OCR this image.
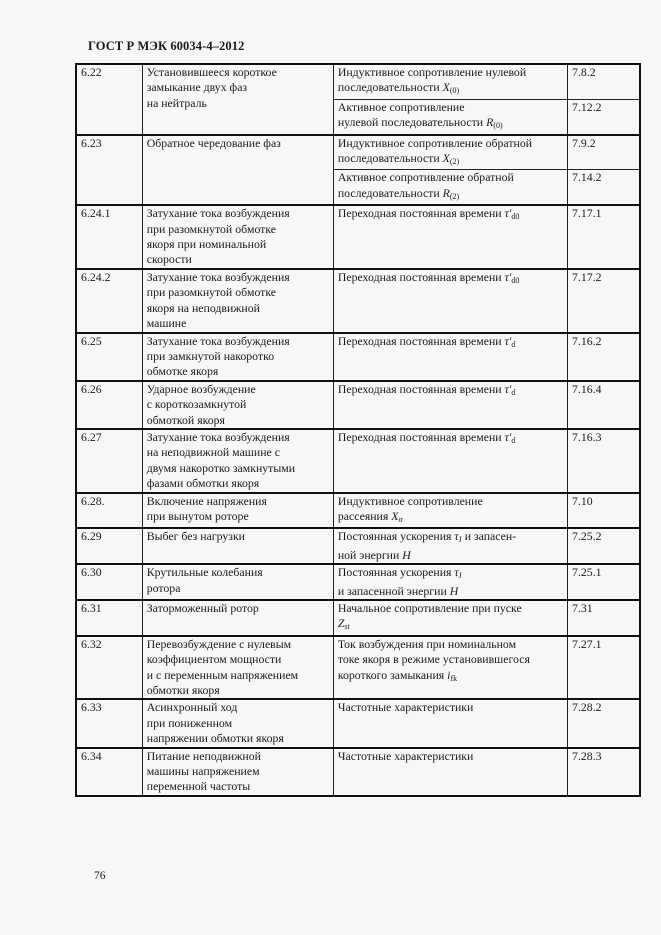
ГОСТ Р МЭК 60034-4–2012
6.22	Установившееся короткое
замыкание двух фаз
на нейтраль	Индуктивное сопротивление нулевой
последовательности $X_{(0)}$	7.8.2

		Активное сопротивление
нулевой последовательности $R_{(0)}$	7.12.2
6.23	Обратное чередование фаз	Индуктивное сопротивление обратной
последовательности $X_{(2)}$	7.9.2

		Активное сопротивление обратной
последовательности $R_{(2)}$	7.14.2
6.24.1	Затухание тока возбуждения
при разомкнутой обмотке
якоря при номинальной
скорости	Переходная постоянная времени $\tau'_{d0}$	7.17.1
6.24.2	Затухание тока возбуждения
при разомкнутой обмотке
якоря на неподвижной
машине	Переходная постоянная времени $\tau'_{d0}$	7.17.2
6.25	Затухание тока возбуждения
при замкнутой накоротко
обмотке якоря	Переходная постоянная времени $\tau'_d$	7.16.2
6.26	Ударное возбуждение
с короткозамкнутой
обмоткой якоря	Переходная постоянная времени $\tau'_d$	7.16.4
6.27	Затухание тока возбуждения
на неподвижной машине с
двумя накоротко замкнутыми
фазами обмотки якоря	Переходная постоянная времени $\tau'_d$	7.16.3
6.28.	Включение напряжения
при вынутом роторе	Индуктивное сопротивление
рассеяния $X_\sigma$	7.10
6.29	Выбег без нагрузки	Постоянная ускорения $\tau_J$ и запасен-
ной энергии H	7.25.2
6.30	Крутильные колебания
ротора	Постоянная ускорения $\tau_J$
и запасенной энергии H	7.25.1
6.31	Заторможенный ротор	Начальное сопротивление при пуске
$Z_{st}$	7.31
6.32	Перевозбуждение с нулевым
коэффициентом мощности
и с переменным напряжением
обмотки якоря	Ток возбуждения при номинальном
токе якоря в режиме установившегося
короткого замыкания $i_{fk}$	7.27.1
6.33	Асинхронный ход
при пониженном
напряжении обмотки якоря	Частотные характеристики	7.28.2
6.34	Питание неподвижной
машины напряжением
переменной частоты	Частотные характеристики	7.28.3
76
